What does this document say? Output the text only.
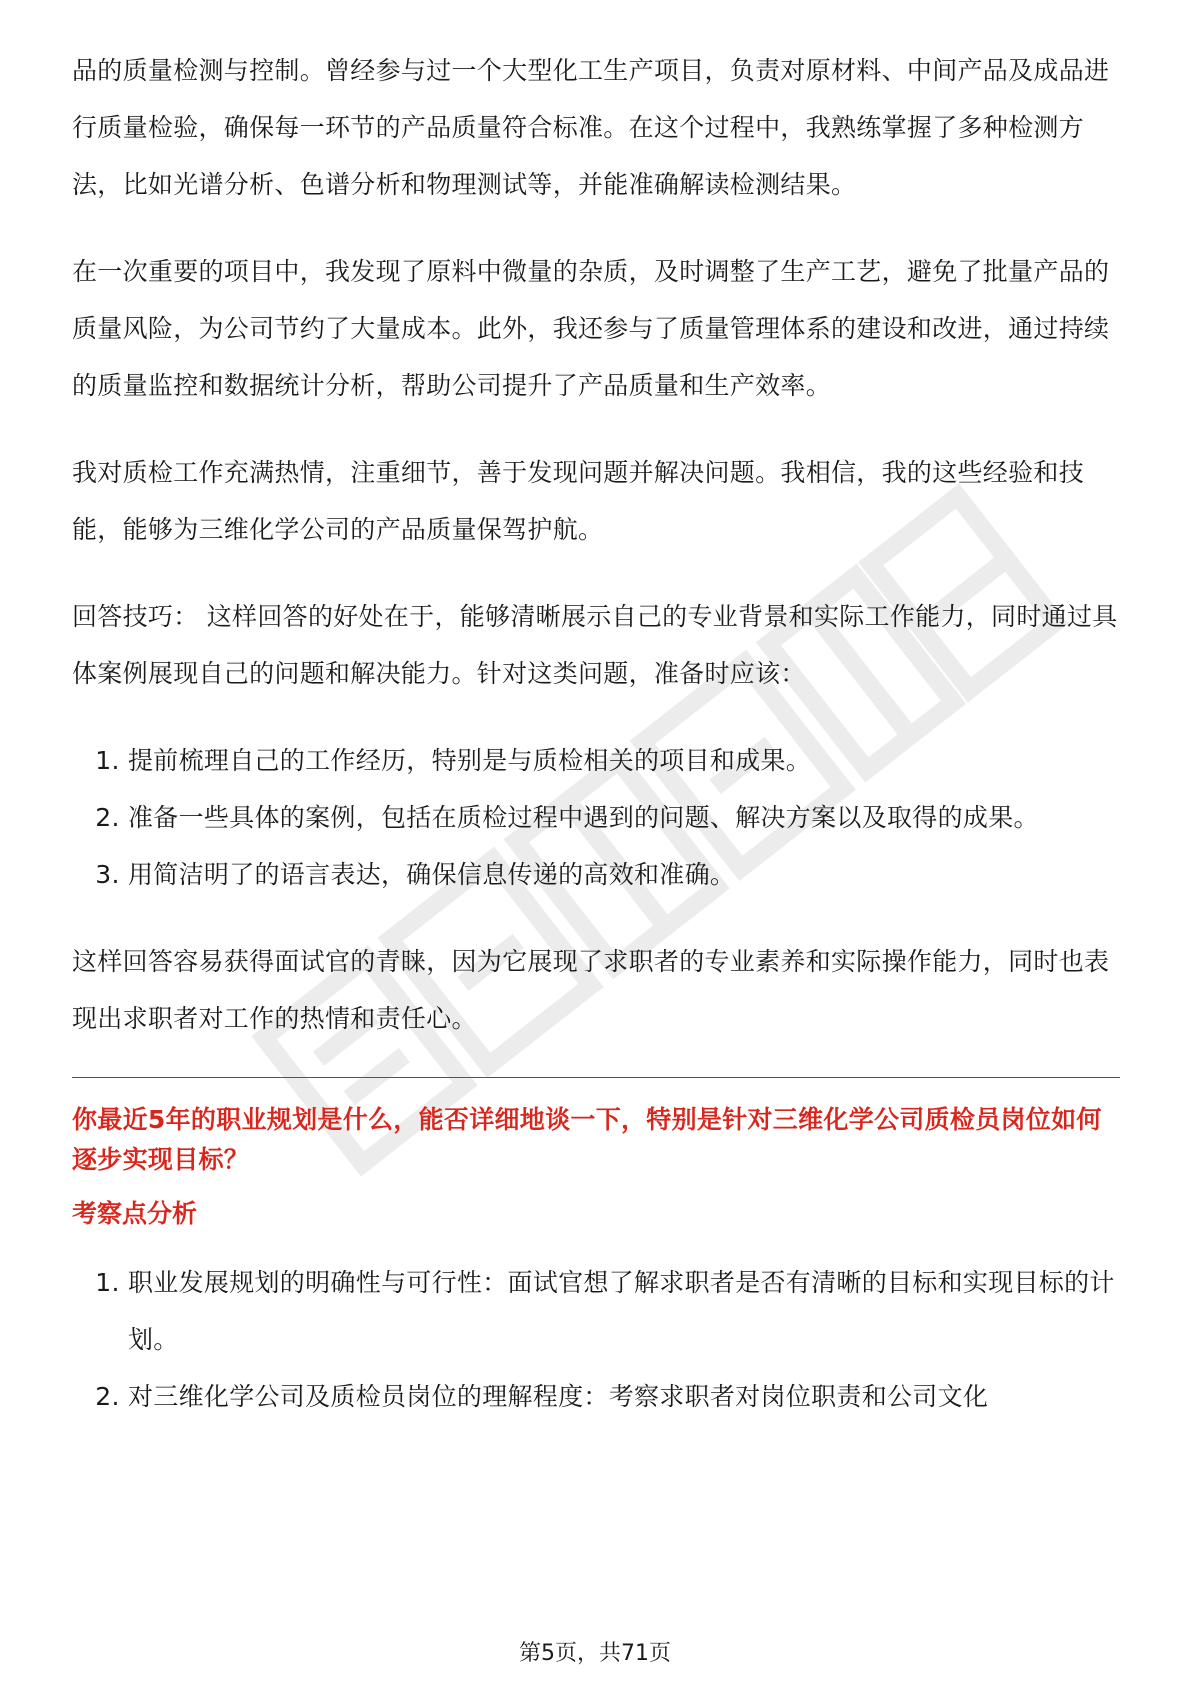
品的质量检测与控制。曾经参与过一个大型化工生产项目，负责对原材料、中间产品及成品进行质量检验，确保每一环节的产品质量符合标准。在这个过程中，我熟练掌握了多种检测方法，比如光谱分析、色谱分析和物理测试等，并能准确解读检测结果。

在一次重要的项目中，我发现了原料中微量的杂质，及时调整了生产工艺，避免了批量产品的质量风险，为公司节约了大量成本。此外，我还参与了质量管理体系的建设和改进，通过持续的质量监控和数据统计分析，帮助公司提升了产品质量和生产效率。

我对质检工作充满热情，注重细节，善于发现问题并解决问题。我相信，我的这些经验和技能，能够为三维化学公司的产品质量保驾护航。

回答技巧： 这样回答的好处在于，能够清晰展示自己的专业背景和实际工作能力，同时通过具体案例展现自己的问题和解决能力。针对这类问题，准备时应该：

1. 提前梳理自己的工作经历，特别是与质检相关的项目和成果。
2. 准备一些具体的案例，包括在质检过程中遇到的问题、解决方案以及取得的成果。
3. 用简洁明了的语言表达，确保信息传递的高效和准确。

这样回答容易获得面试官的青睐，因为它展现了求职者的专业素养和实际操作能力，同时也表现出求职者对工作的热情和责任心。

你最近5年的职业规划是什么，能否详细地谈一下，特别是针对三维化学公司质检员岗位如何逐步实现目标？
考察点分析
1. 职业发展规划的明确性与可行性：面试官想了解求职者是否有清晰的目标和实现目标的计划。
2. 对三维化学公司及质检员岗位的理解程度：考察求职者对岗位职责和公司文化
第5页，共71页
